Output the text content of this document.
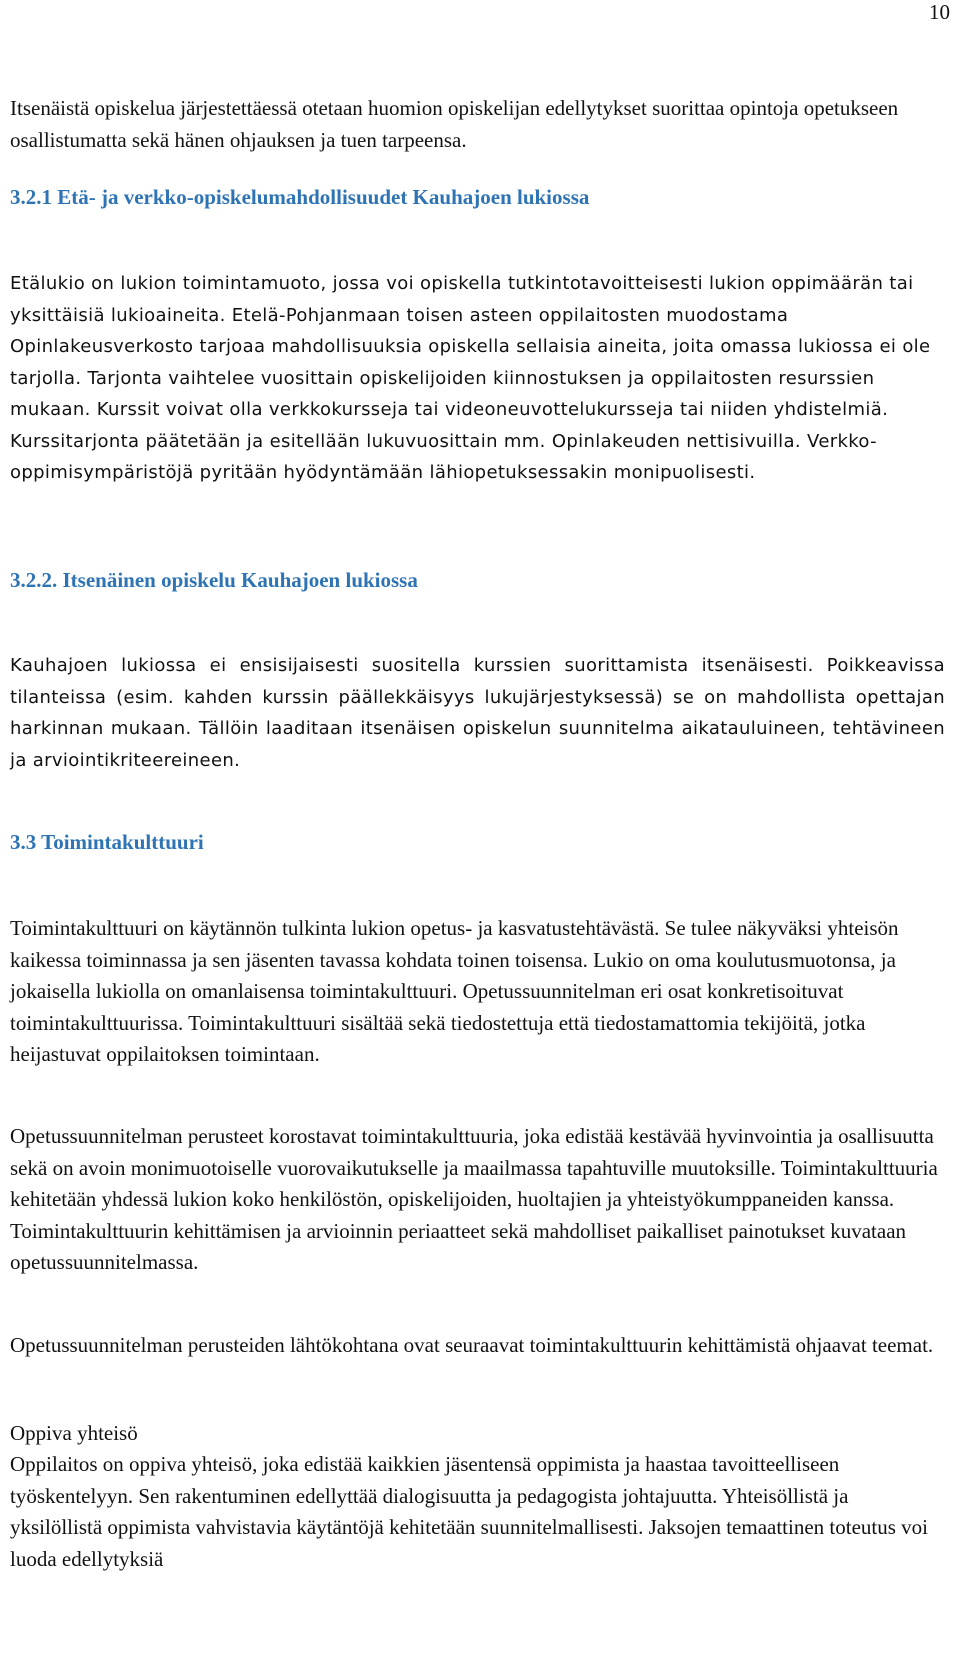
10

Itsenäistä opiskelua järjestettäessä otetaan huomion opiskelijan edellytykset suorittaa opintoja opetukseen osallistumatta sekä hänen ohjauksen ja tuen tarpeensa.

3.2.1 Etä- ja verkko-opiskelumahdollisuudet Kauhajoen lukiossa

Etälukio on lukion toimintamuoto, jossa voi opiskella tutkintotavoitteisesti lukion oppimäärän tai yksittäisiä lukioaineita. Etelä-Pohjanmaan toisen asteen oppilaitosten muodostama Opinlakeusverkosto tarjoaa mahdollisuuksia opiskella sellaisia aineita, joita omassa lukiossa ei ole tarjolla. Tarjonta vaihtelee vuosittain opiskelijoiden kiinnostuksen ja oppilaitosten resurssien mukaan. Kurssit voivat olla verkkokursseja tai videoneuvottelukursseja tai niiden yhdistelmiä. Kurssitarjonta päätetään ja esitellään lukuvuosittain mm. Opinlakeuden nettisivuilla. Verkko-oppimisympäristöjä pyritään hyödyntämään lähiopetuksessakin monipuolisesti.

3.2.2. Itsenäinen opiskelu Kauhajoen lukiossa

Kauhajoen lukiossa ei ensisijaisesti suositella kurssien suorittamista itsenäisesti. Poikkeavissa tilanteissa (esim. kahden kurssin päällekkäisyys lukujärjestyksessä) se on mahdollista opettajan harkinnan mukaan. Tällöin laaditaan itsenäisen opiskelun suunnitelma aikatauluineen, tehtävineen ja arviointikriteereineen.

3.3 Toimintakulttuuri

Toimintakulttuuri on käytännön tulkinta lukion opetus- ja kasvatustehtävästä. Se tulee näkyväksi yhteisön kaikessa toiminnassa ja sen jäsenten tavassa kohdata toinen toisensa. Lukio on oma koulutusmuotonsa, ja jokaisella lukiolla on omanlaisensa toimintakulttuuri. Opetussuunnitelman eri osat konkretisoituvat toimintakulttuurissa. Toimintakulttuuri sisältää sekä tiedostettuja että tiedostamattomia tekijöitä, jotka heijastuvat oppilaitoksen toimintaan.

Opetussuunnitelman perusteet korostavat toimintakulttuuria, joka edistää kestävää hyvinvointia ja osallisuutta sekä on avoin monimuotoiselle vuorovaikutukselle ja maailmassa tapahtuville muutoksille. Toimintakulttuuria kehitetään yhdessä lukion koko henkilöstön, opiskelijoiden, huoltajien ja yhteistyökumppaneiden kanssa. Toimintakulttuurin kehittämisen ja arvioinnin periaatteet sekä mahdolliset paikalliset painotukset kuvataan opetussuunnitelmassa.

Opetussuunnitelman perusteiden lähtökohtana ovat seuraavat toimintakulttuurin kehittämistä ohjaavat teemat.

Oppiva yhteisö

Oppilaitos on oppiva yhteisö, joka edistää kaikkien jäsentensä oppimista ja haastaa tavoitteelliseen työskentelyyn. Sen rakentuminen edellyttää dialogisuutta ja pedagogista johtajuutta. Yhteisöllistä ja yksilöllistä oppimista vahvistavia käytäntöjä kehitetään suunnitelmallisesti. Jaksojen temaattinen toteutus voi luoda edellytyksiä
